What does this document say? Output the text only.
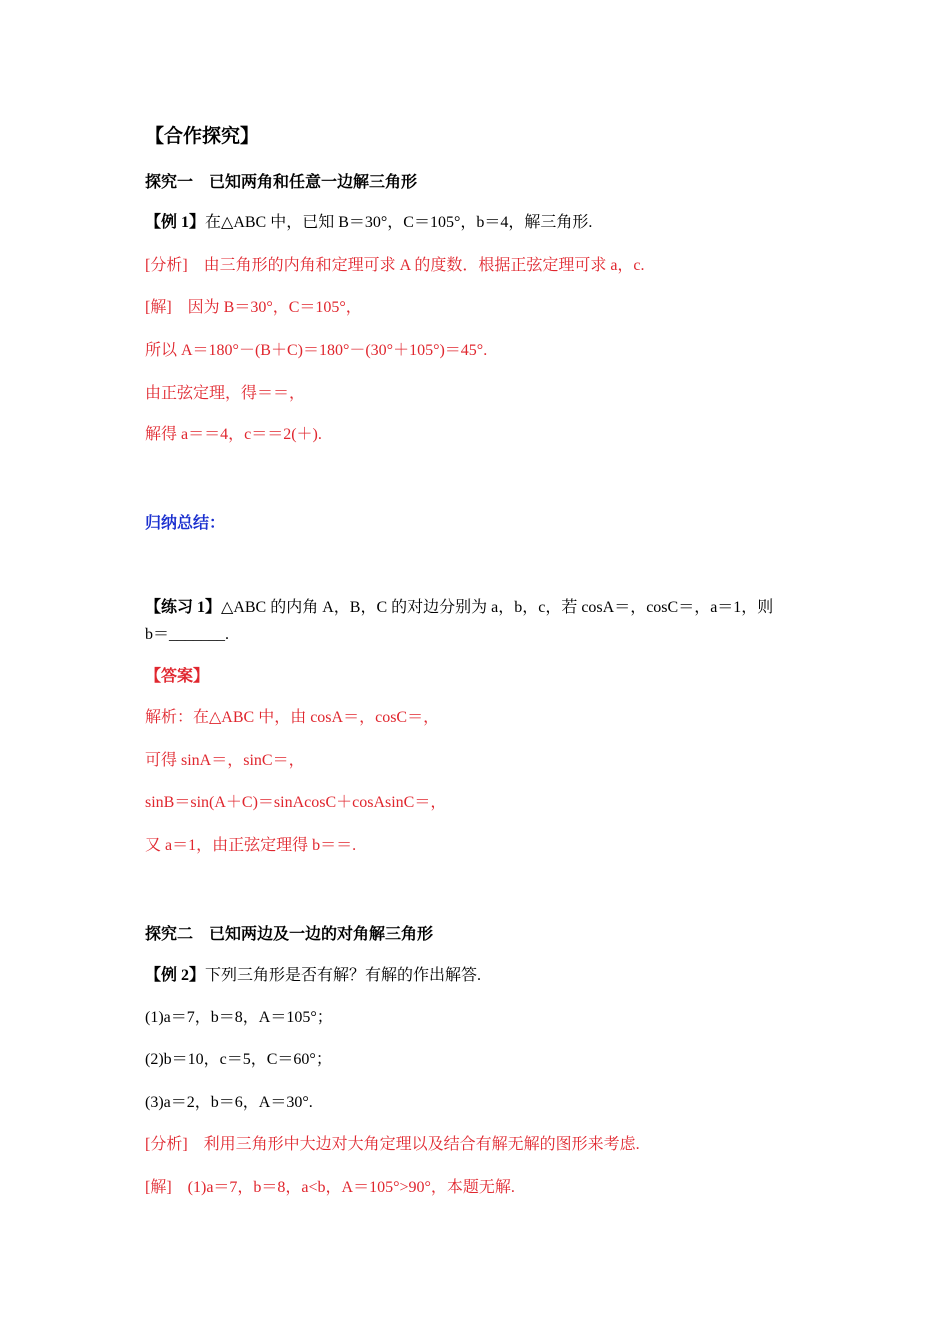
【合作探究】
探究一　已知两角和任意一边解三角形
【例 1】在△ABC 中，已知 B＝30°，C＝105°，b＝4，解三角形.
[分析]　由三角形的内角和定理可求 A 的度数．根据正弦定理可求 a，c.
[解]　因为 B＝30°，C＝105°，
所以 A＝180°－(B＋C)＝180°－(30°＋105°)＝45°.
由正弦定理，得＝＝，
解得 a＝＝4，c＝＝2(＋).
归纳总结：
【练习 1】△ABC 的内角 A，B，C 的对边分别为 a，b，c，若 cosA＝，cosC＝，a＝1，则
b＝_______.
【答案】
解析：在△ABC 中，由 cosA＝，cosC＝，
可得 sinA＝，sinC＝，
sinB＝sin(A＋C)＝sinAcosC＋cosAsinC＝，
又 a＝1，由正弦定理得 b＝＝.
探究二　已知两边及一边的对角解三角形
【例 2】下列三角形是否有解？有解的作出解答.
(1)a＝7，b＝8，A＝105°；
(2)b＝10，c＝5，C＝60°；
(3)a＝2，b＝6，A＝30°.
[分析]　利用三角形中大边对大角定理以及结合有解无解的图形来考虑.
[解]　(1)a＝7，b＝8，a<b，A＝105°>90°，本题无解.
